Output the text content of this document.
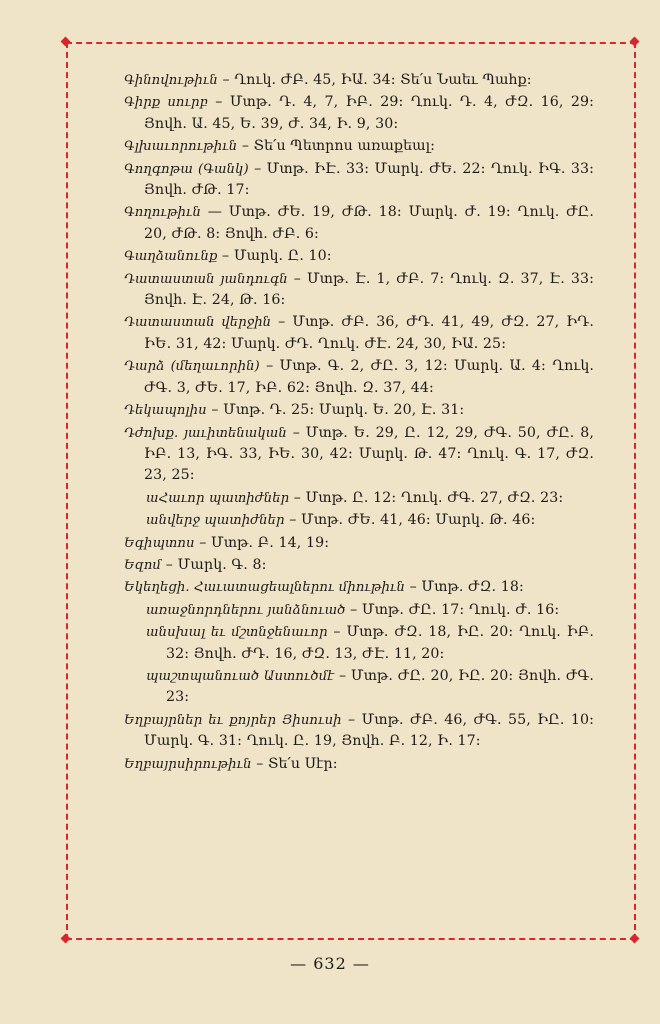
Գինովութիւն – Ղուկ. ԺԲ. 45, ԻԱ. 34: Տե՛ս Նաեւ Պահք:

Գիրք սուրբ – Մտթ. Դ. 4, 7, ԻԲ. 29: Ղուկ. Դ. 4, ԺԶ. 16, 29: Յովհ. Ա. 45, Ե. 39, Ժ. 34, Ի. 9, 30:

Գլխաւորութիւն – Տե՛ս Պետրոս առաքեալ:

Գողգոթա (Գանկ) – Մտթ. ԻԷ. 33: Մարկ. ԺԵ. 22: Ղուկ. ԻԳ. 33: Յովհ. ԺԹ. 17:

Գողութիւն — Մտթ. ԺԵ. 19, ԺԹ. 18: Մարկ. Ժ. 19: Ղուկ. ԺԸ. 20, ԺԹ. 8: Յովհ. ԺԲ. 6:

Գաղձանունք – Մարկ. Ը. 10:

Դատաստան յանդուգն – Մտթ. Է. 1, ԺԲ. 7: Ղուկ. Զ. 37, Է. 33: Յովհ. Է. 24, Թ. 16:

Դատաստան վերջին – Մտթ. ԺԲ. 36, ԺԴ. 41, 49, ԺԶ. 27, ԻԴ. ԻԵ. 31, 42: Մարկ. ԺԴ. Ղուկ. ԺԷ. 24, 30, ԻԱ. 25:

Դարձ (մեղաւորին) – Մտթ. Գ. 2, ԺԸ. 3, 12: Մարկ. Ա. 4: Ղուկ. ԺԳ. 3, ԺԵ. 17, ԻԲ. 62: Յովհ. Զ. 37, 44:

Դեկապոլիս – Մտթ. Դ. 25: Մարկ. Ե. 20, Է. 31:

Դժոխք. յաւիտենական – Մտթ. Ե. 29, Ը. 12, 29, ԺԳ. 50, ԺԸ. 8, ԻԲ. 13, ԻԳ. 33, ԻԵ. 30, 42: Մարկ. Թ. 47: Ղուկ. Գ. 17, ԺԶ. 23, 25:

աՀաւոր պատիժներ – Մտթ. Ը. 12: Ղուկ. ԺԳ. 27, ԺԶ. 23:

անվերջ պատիժներ – Մտթ. ԺԵ. 41, 46: Մարկ. Թ. 46:

Եգիպտոս – Մտթ. Բ. 14, 19:

Եզոմ – Մարկ. Գ. 8:

Եկեղեցի. Հաւատացեալներու միութիւն – Մտթ. ԺԶ. 18:

առաջնորդներու յանձնուած – Մտթ. ԺԸ. 17: Ղուկ. Ժ. 16:

անսխալ եւ մշտնջենաւոր – Մտթ. ԺԶ. 18, ԻԸ. 20: Ղուկ. ԻԲ. 32: Յովհ. ԺԴ. 16, ԺԶ. 13, ԺԷ. 11, 20:

պաշտպանուած Աստուծմէ – Մտթ. ԺԸ. 20, ԻԸ. 20: Յովհ. ԺԳ. 23:

Եղբայրներ եւ քոյրեր Յիսուսի – Մտթ. ԺԲ. 46, ԺԳ. 55, ԻԸ. 10: Մարկ. Գ. 31: Ղուկ. Ը. 19, Յովհ. Բ. 12, Ի. 17:

Եղբայրսիրութիւն – Տե՛ս Սէր:

— 632 —
